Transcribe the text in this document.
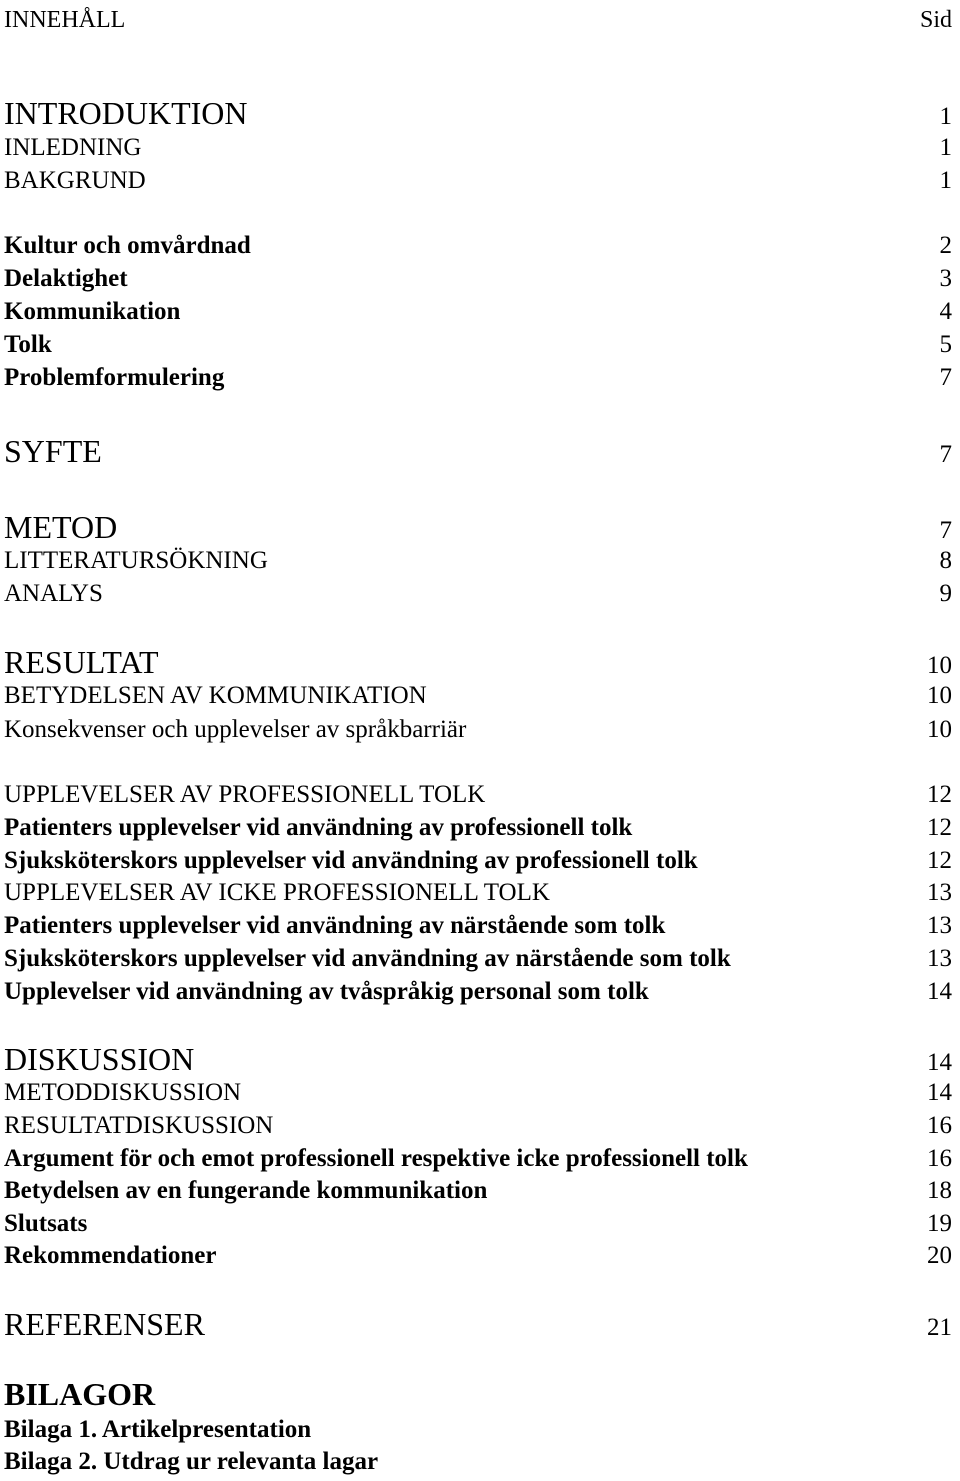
INNEHÅLL	Sid
INTRODUKTION	1
INLEDNING	1
BAKGRUND	1
Kultur och omvårdnad	2
Delaktighet	3
Kommunikation	4
Tolk	5
Problemformulering	7
SYFTE	7
METOD	7
LITTERATURSÖKNING	8
ANALYS	9
RESULTAT	10
BETYDELSEN AV KOMMUNIKATION	10
Konsekvenser och upplevelser av språkbarriär	10
UPPLEVELSER AV PROFESSIONELL TOLK	12
Patienters upplevelser vid användning av professionell tolk	12
Sjuksköterskors upplevelser vid användning av professionell tolk	12
UPPLEVELSER AV ICKE PROFESSIONELL TOLK	13
Patienters upplevelser vid användning av närstående som tolk	13
Sjuksköterskors upplevelser vid användning av närstående som tolk	13
Upplevelser vid användning av tvåspråkig personal som tolk	14
DISKUSSION	14
METODDISKUSSION	14
RESULTATDISKUSSION	16
Argument för och emot professionell respektive icke professionell tolk	16
Betydelsen av en fungerande kommunikation	18
Slutsats	19
Rekommendationer	20
REFERENSER	21
BILAGOR
Bilaga 1. Artikelpresentation
Bilaga 2. Utdrag ur relevanta lagar
